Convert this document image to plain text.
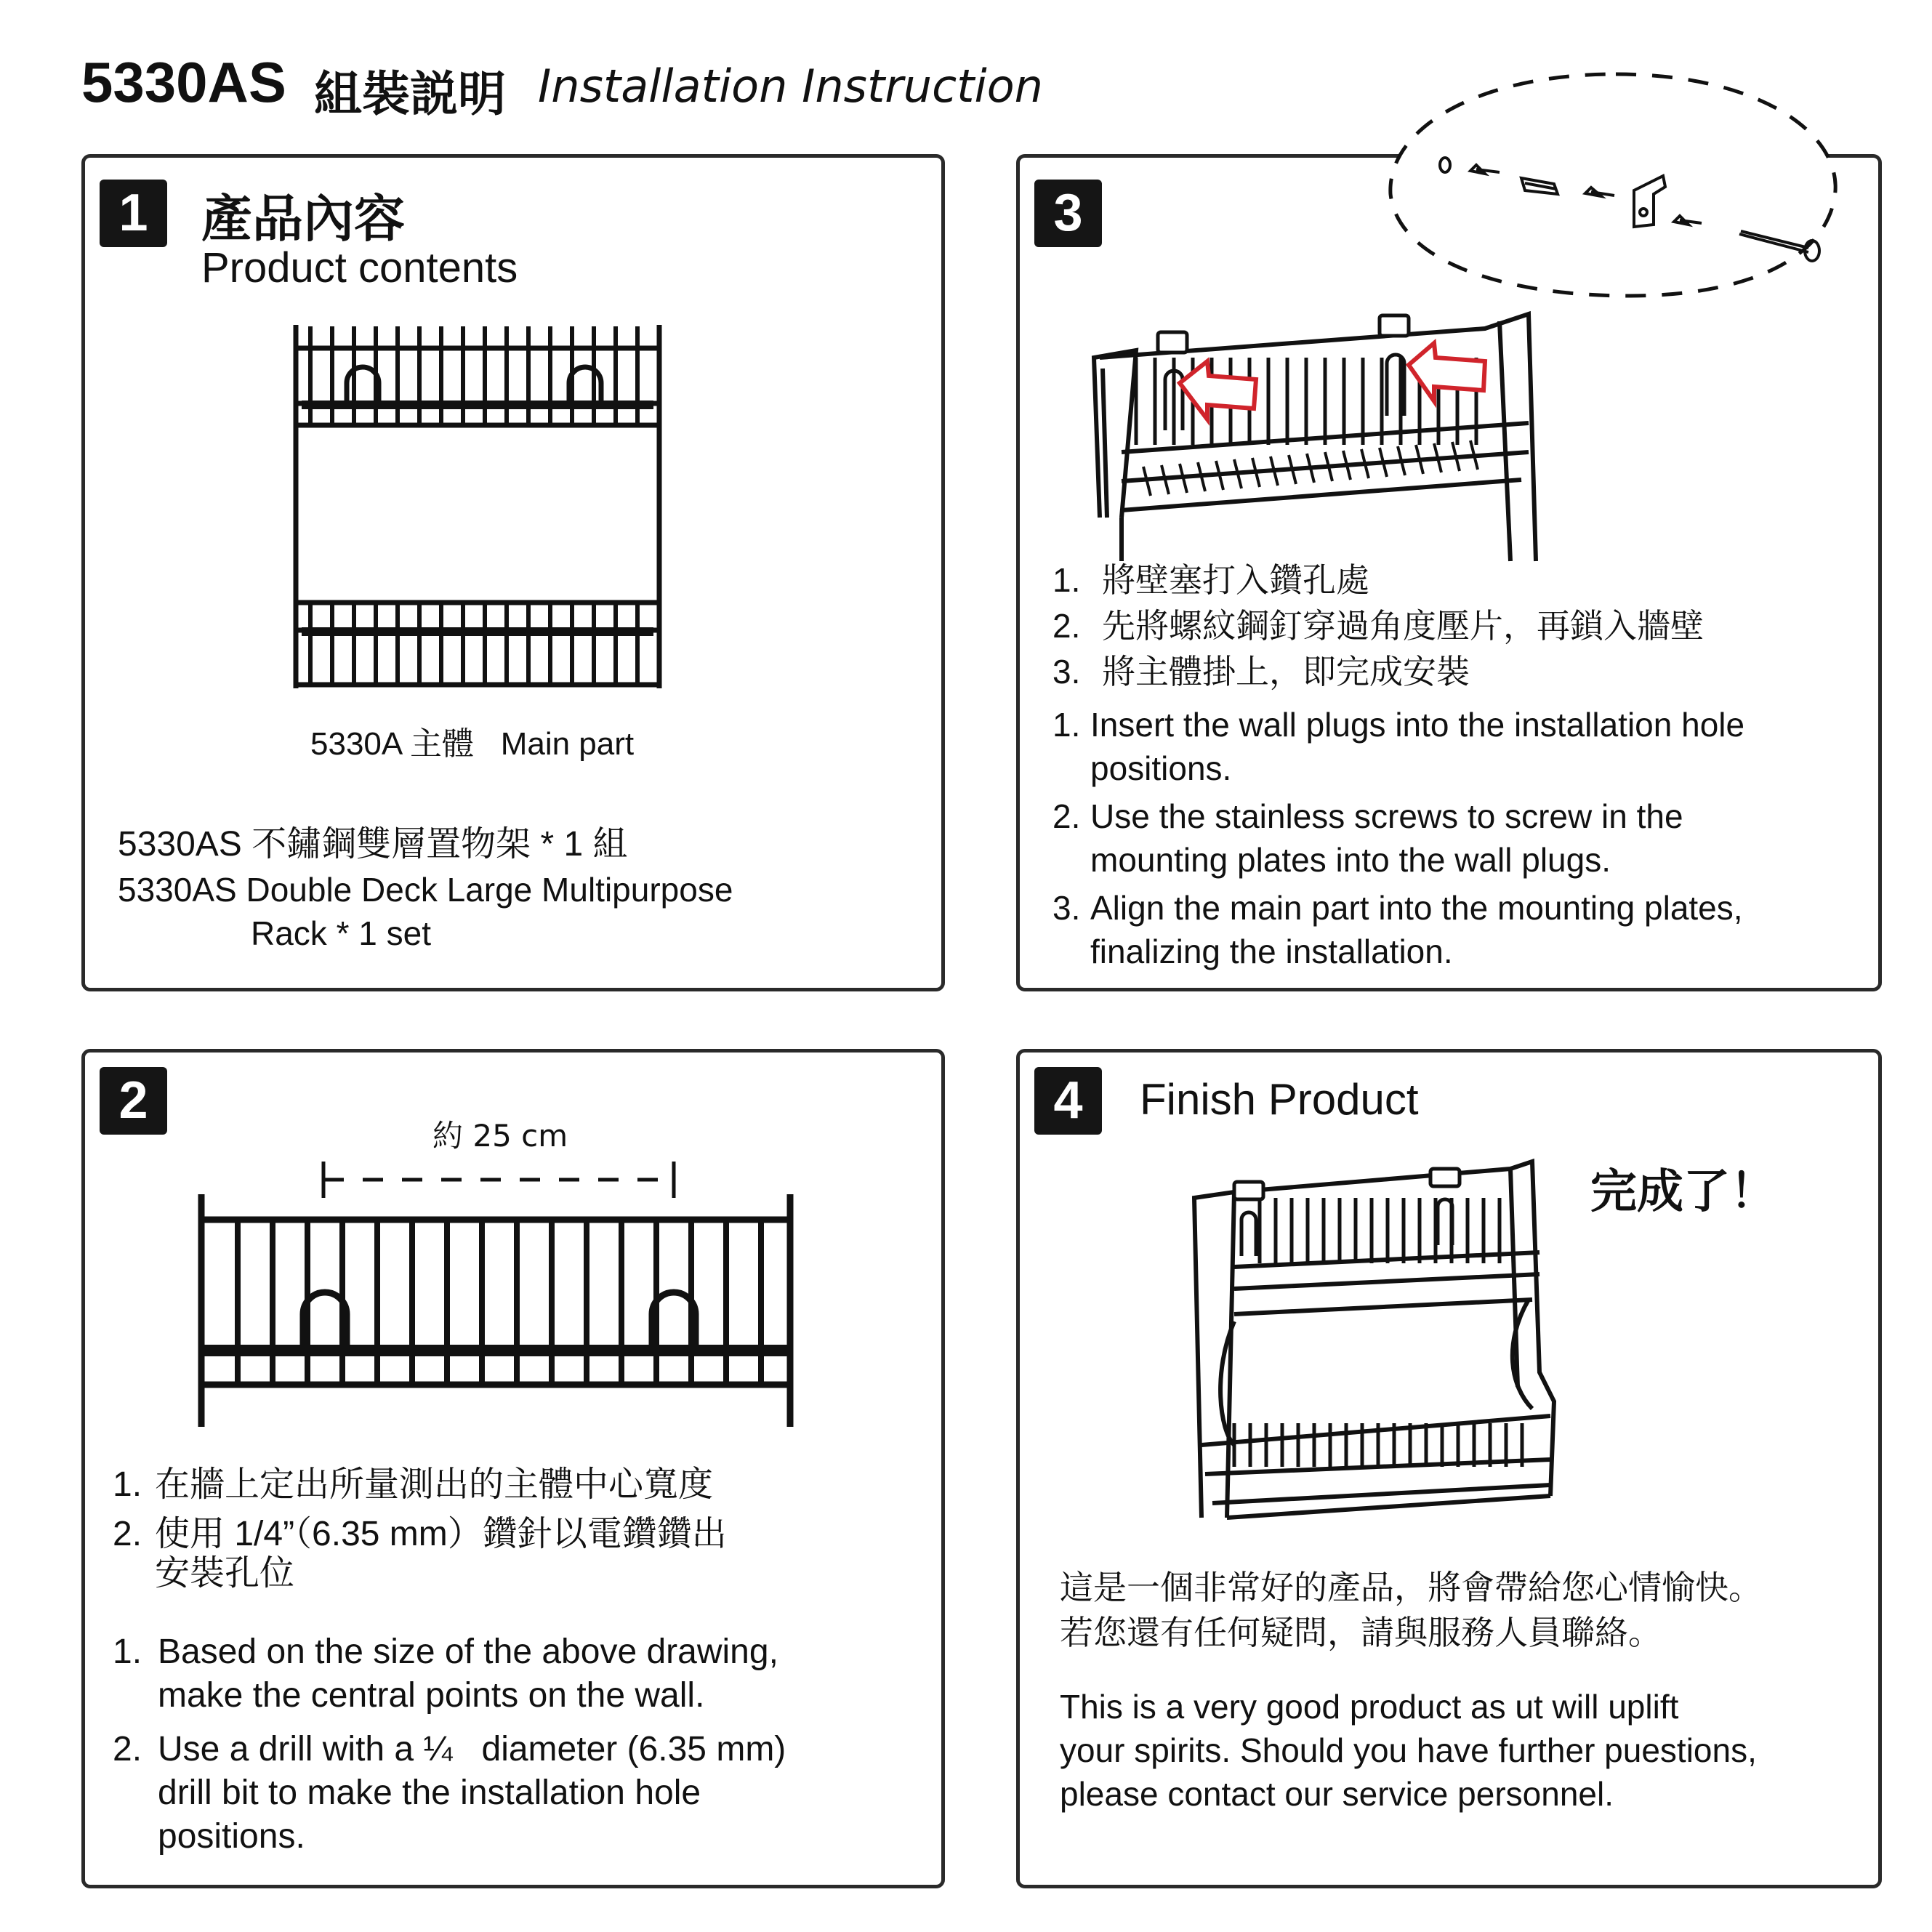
5330AS 組裝説明 Installation Instruction
1	產品內容
Product contents
5330A 主體   Main part
5330AS 不鏽鋼雙層置物架 * 1 組
5330AS Double Deck Large Multipurpose
Rack * 1 set
3
1. 將壁塞打入鑽孔處
2. 先將螺紋鋼釘穿過角度壓片，再鎖入牆壁
3. 將主體掛上，即完成安裝
1. Insert the wall plugs into the installation hole
positions.
2. Use the stainless screws to screw in the
mounting plates into the wall plugs.
3. Align the main part into the mounting plates,
finalizing the installation.
2
約 25 cm
1. 在牆上定出所量測出的主體中心寬度
2. 使用 1/4”（6.35 mm）鑽針以電鑽鑽出
安裝孔位
1. Based on the size of the above drawing,
make the central points on the wall.
2. Use a drill with a ¼   diameter (6.35 mm)
drill bit to make the installation hole
positions.
4	Finish Product
完成了！
這是一個非常好的產品，將會帶給您心情愉快。
若您還有任何疑問，請與服務人員聯絡。
This is a very good product as ut will uplift
your spirits. Should you have further puestions,
please contact our service personnel.
